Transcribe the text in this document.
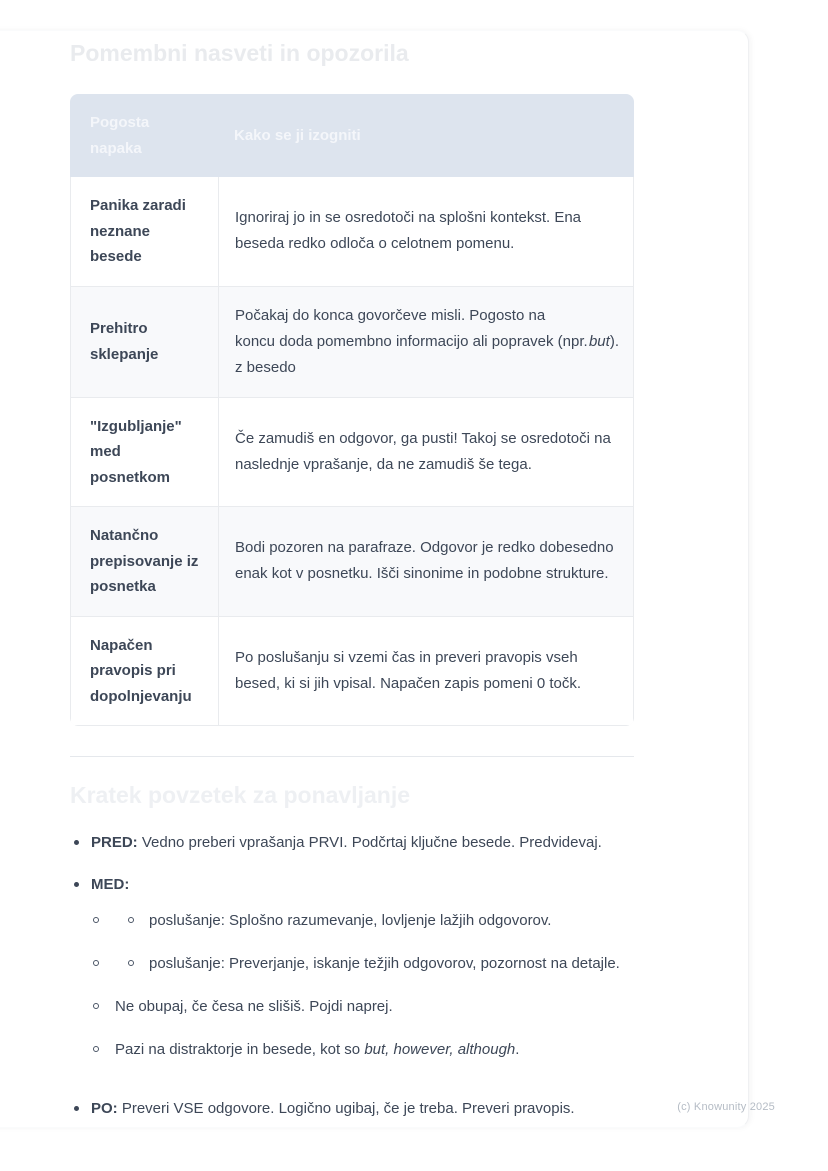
Pomembni nasveti in opozorila
Pogosta napaka
Kako se ji izogniti
Panika zaradi neznane besede
Ignoriraj jo in se osredotoči na splošni kontekst. Ena beseda redko odloča o celotnem pomenu.
Prehitro sklepanje
Počakaj do konca govorčeve misli. Pogosto na koncu doda pomembno informacijo ali popravek (npr. z besedo
but ).
"Izgubljanje" med posnetkom
Če zamudiš en odgovor, ga pusti! Takoj se osredotoči na naslednje vprašanje, da ne zamudiš še tega.
Natančno prepisovanje iz posnetka
Bodi pozoren na parafraze. Odgovor je redko dobesedno enak kot v posnetku. Išči sinonime in podobne strukture.
Napačen pravopis pri dopolnjevanju
Po poslušanju si vzemi čas in preveri pravopis vseh besed, ki si jih vpisal. Napačen zapis pomeni 0 točk.
Kratek povzetek za ponavljanje
PRED: Vedno preberi vprašanja PRVI. Podčrtaj ključne besede. Predvidevaj.
MED:
poslušanje: Splošno razumevanje, lovljenje lažjih odgovorov.
poslušanje: Preverjanje, iskanje težjih odgovorov, pozornost na detajle.
Ne obupaj, če česa ne slišiš. Pojdi naprej.
Pazi na distraktorje in besede, kot so but, however, although.
PO: Preveri VSE odgovore. Logično ugibaj, če je treba. Preveri pravopis.	(c) Knowunity 2025
